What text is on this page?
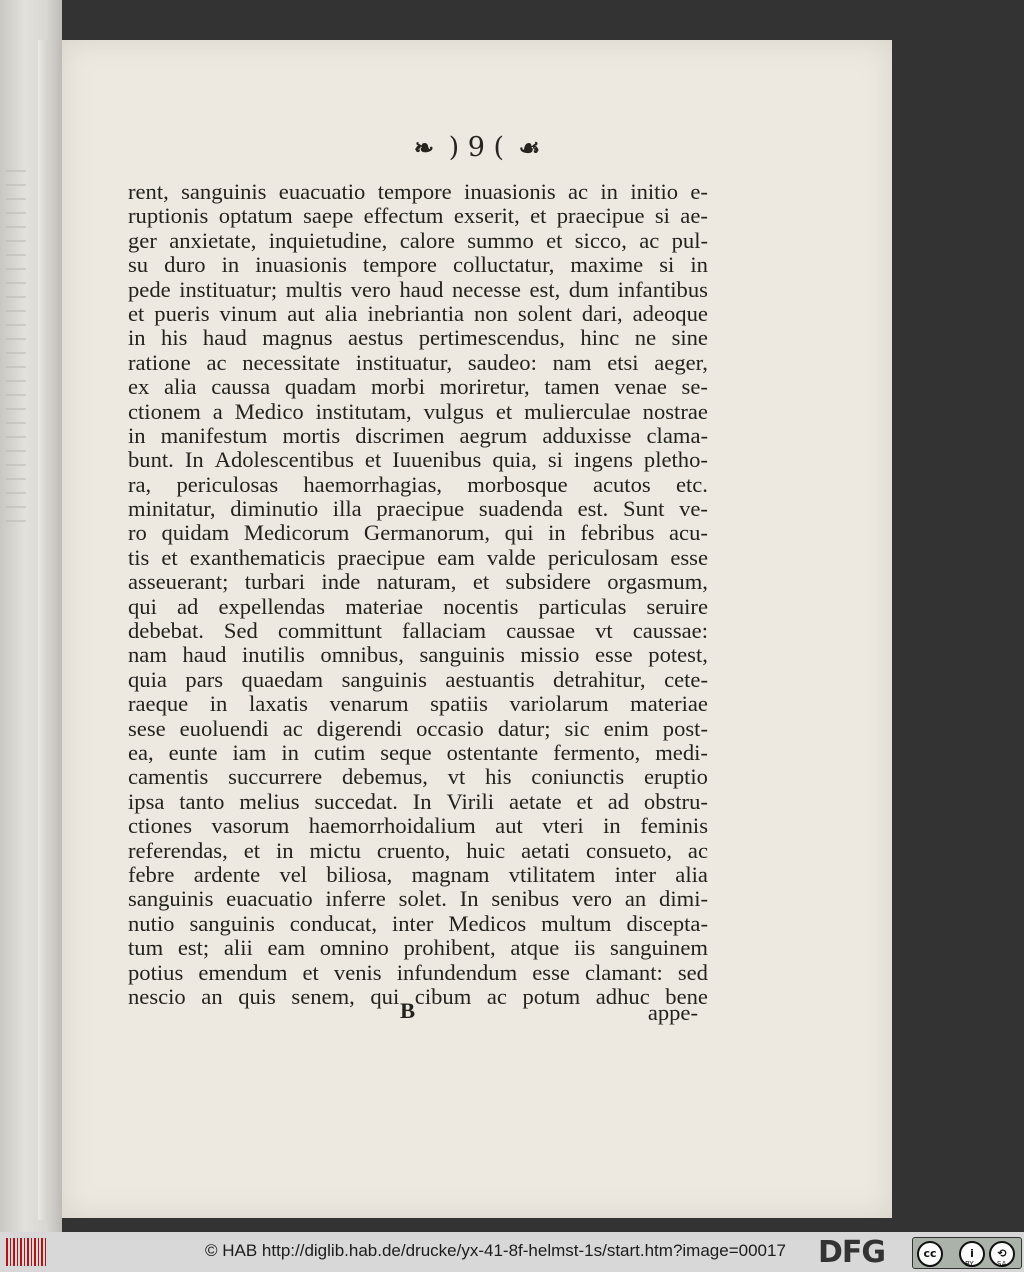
❧ ) 9 ( ☙
rent, sanguinis euacuatio tempore inuasionis ac in initio e-
ruptionis optatum saepe effectum exserit, et praecipue si ae-
ger anxietate, inquietudine, calore summo et sicco, ac pul-
su duro in inuasionis tempore colluctatur, maxime si in
pede instituatur; multis vero haud necesse est, dum infantibus
et pueris vinum aut alia inebriantia non solent dari, adeoque
in his haud magnus aestus pertimescendus, hinc ne sine
ratione ac necessitate instituatur, saudeo: nam etsi aeger,
ex alia caussa quadam morbi moriretur, tamen venae se-
ctionem a Medico institutam, vulgus et mulierculae nostrae
in manifestum mortis discrimen aegrum adduxisse clama-
bunt. In Adolescentibus et Iuuenibus quia, si ingens plethо-
ra, periculosas haemorrhagias, morbosque acutos etc.
minitatur, diminutio illa praecipue suadenda est. Sunt ve-
ro quidam Medicorum Germanorum, qui in febribus acu-
tis et exanthematicis praecipue eam valde periculosam esse
asseuerant; turbari inde naturam, et subsidere orgasmum,
qui ad expellendas materiae nocentis particulas seruire
debebat. Sed committunt fallaciam caussae vt caussae:
nam haud inutilis omnibus, sanguinis missio esse potest,
quia pars quaedam sanguinis aestuantis detrahitur, cete-
raeque in laxatis venarum spatiis variolarum materiae
sese euoluendi ac digerendi occasio datur; sic enim post-
ea, eunte iam in cutim seque ostentante fermento, medi-
camentis succurrere debemus, vt his coniunctis eruptio
ipsa tanto melius succedat. In Virili aetate et ad obstru-
ctiones vasorum haemorrhoidalium aut vteri in feminis
referendas, et in mictu cruento, huic aetati consueto, ac
febre ardente vel biliosa, magnam vtilitatem inter alia
sanguinis euacuatio inferre solet. In senibus vero an dimi-
nutio sanguinis conducat, inter Medicos multum discepta-
tum est; alii eam omnino prohibent, atque iis sanguinem
potius emendum et venis infundendum esse clamant: sed
nescio an quis senem, qui cibum ac potum adhuc bene
B	appe-
© HAB http://diglib.hab.de/drucke/yx-41-8f-helmst-1s/start.htm?image=00017 DFG	cc	i	⟲
BY	SA
